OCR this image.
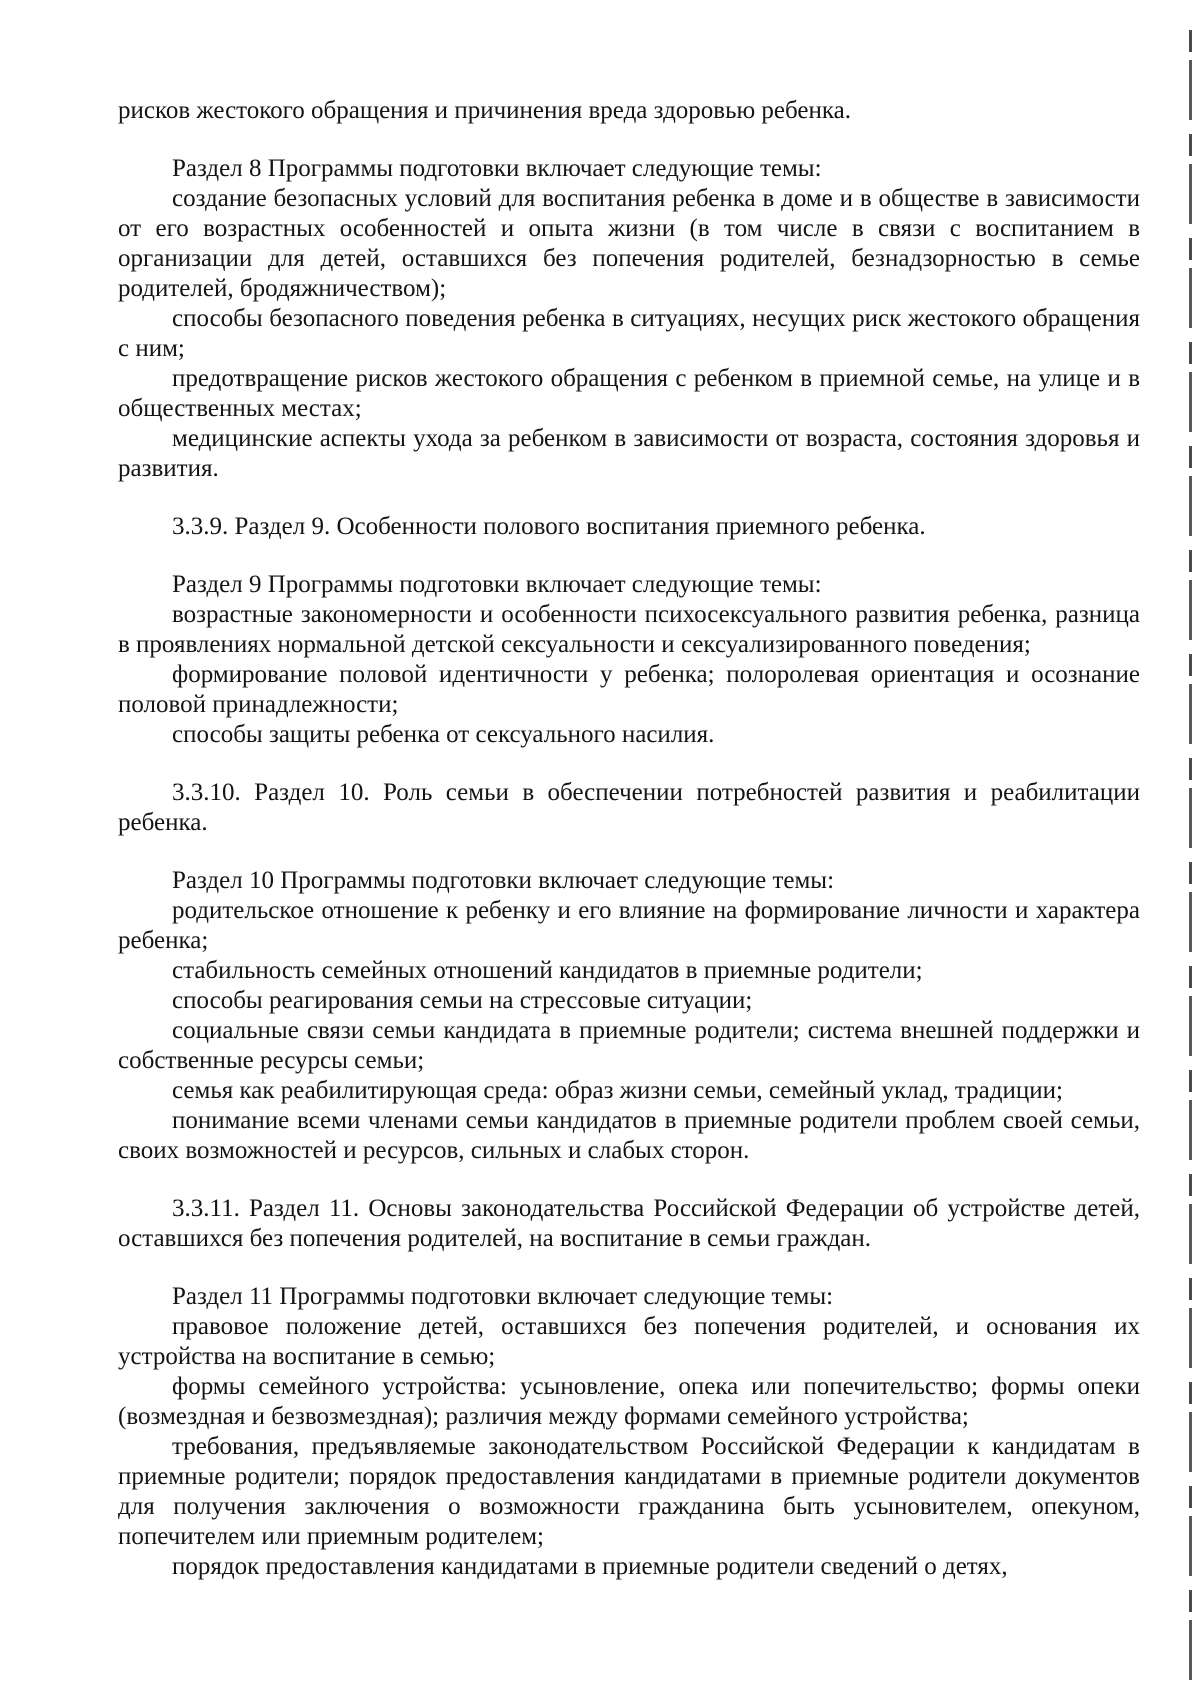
рисков жестокого обращения и причинения вреда здоровью ребенка.

Раздел 8 Программы подготовки включает следующие темы:

создание безопасных условий для воспитания ребенка в доме и в обществе в зависимости от его возрастных особенностей и опыта жизни (в том числе в связи с воспитанием в организации для детей, оставшихся без попечения родителей, безнадзорностью в семье родителей, бродяжничеством);

способы безопасного поведения ребенка в ситуациях, несущих риск жестокого обращения с ним;

предотвращение рисков жестокого обращения с ребенком в приемной семье, на улице и в общественных местах;

медицинские аспекты ухода за ребенком в зависимости от возраста, состояния здоровья и развития.

3.3.9. Раздел 9. Особенности полового воспитания приемного ребенка.

Раздел 9 Программы подготовки включает следующие темы:

возрастные закономерности и особенности психосексуального развития ребенка, разница в проявлениях нормальной детской сексуальности и сексуализированного поведения;

формирование половой идентичности у ребенка; полоролевая ориентация и осознание половой принадлежности;

способы защиты ребенка от сексуального насилия.

3.3.10. Раздел 10. Роль семьи в обеспечении потребностей развития и реабилитации ребенка.

Раздел 10 Программы подготовки включает следующие темы:

родительское отношение к ребенку и его влияние на формирование личности и характера ребенка;

стабильность семейных отношений кандидатов в приемные родители;

способы реагирования семьи на стрессовые ситуации;

социальные связи семьи кандидата в приемные родители; система внешней поддержки и собственные ресурсы семьи;

семья как реабилитирующая среда: образ жизни семьи, семейный уклад, традиции;

понимание всеми членами семьи кандидатов в приемные родители проблем своей семьи, своих возможностей и ресурсов, сильных и слабых сторон.

3.3.11. Раздел 11. Основы законодательства Российской Федерации об устройстве детей, оставшихся без попечения родителей, на воспитание в семьи граждан.

Раздел 11 Программы подготовки включает следующие темы:

правовое положение детей, оставшихся без попечения родителей, и основания их устройства на воспитание в семью;

формы семейного устройства: усыновление, опека или попечительство; формы опеки (возмездная и безвозмездная); различия между формами семейного устройства;

требования, предъявляемые законодательством Российской Федерации к кандидатам в приемные родители; порядок предоставления кандидатами в приемные родители документов для получения заключения о возможности гражданина быть усыновителем, опекуном, попечителем или приемным родителем;

порядок предоставления кандидатами в приемные родители сведений о детях,
